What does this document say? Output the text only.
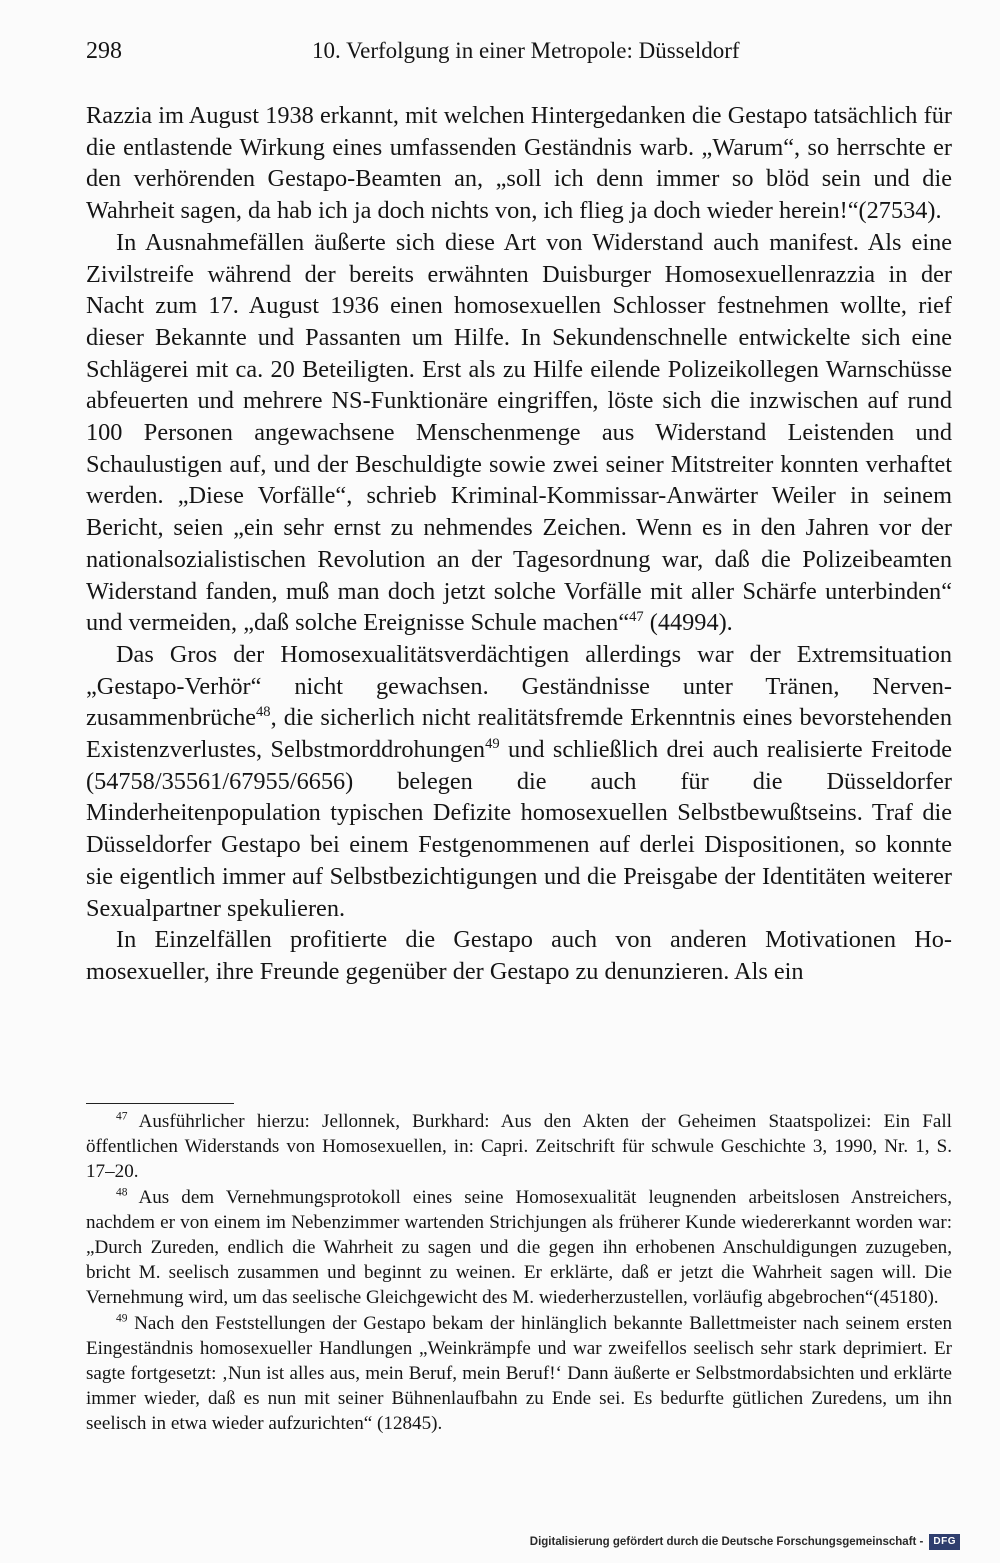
298	10. Verfolgung in einer Metropole: Düsseldorf

Razzia im August 1938 erkannt, mit welchen Hintergedanken die Gestapo tatsächlich für die entlastende Wirkung eines umfassenden Geständnis warb. „Warum“, so herrschte er den verhörenden Gestapo-Beamten an, „soll ich denn immer so blöd sein und die Wahrheit sagen, da hab ich ja doch nichts von, ich flieg ja doch wieder herein!“(27534).

In Ausnahmefällen äußerte sich diese Art von Widerstand auch manifest. Als eine Zivilstreife während der bereits erwähnten Duisburger Homosexuellenrazzia in der Nacht zum 17. August 1936 einen homosexuellen Schlosser festnehmen wollte, rief dieser Bekannte und Passanten um Hilfe. In Sekundenschnelle entwickelte sich eine Schlägerei mit ca. 20 Beteiligten. Erst als zu Hilfe eilende Polizeikollegen Warnschüsse abfeuerten und mehrere NS-Funktionäre eingriffen, löste sich die inzwischen auf rund 100 Personen angewachsene Menschenmenge aus Widerstand Leistenden und Schaulustigen auf, und der Beschuldigte sowie zwei seiner Mitstreiter konnten verhaftet werden. „Diese Vorfälle“, schrieb Kriminal-Kommissar-Anwärter Weiler in seinem Bericht, seien „ein sehr ernst zu nehmendes Zeichen. Wenn es in den Jahren vor der nationalsozialistischen Revolution an der Tagesordnung war, daß die Polizeibeamten Widerstand fanden, muß man doch jetzt solche Vorfälle mit aller Schärfe unterbinden“ und vermeiden, „daß solche Ereignisse Schule machen“$^{47}$ (44994).

Das Gros der Homosexualitätsverdächtigen allerdings war der Extremsituation „Gestapo-Verhör“ nicht gewachsen. Geständnisse unter Tränen, Nervenzusammenbrüche$^{48}$, die sicherlich nicht realitätsfremde Erkenntnis eines bevorstehenden Existenzverlustes, Selbstmorddrohungen$^{49}$ und schließlich drei auch realisierte Freitode (54758/35561/67955/6656) belegen die auch für die Düsseldorfer Minderheitenpopulation typischen Defizite homosexuellen Selbstbewußtseins. Traf die Düsseldorfer Gestapo bei einem Festgenommenen auf derlei Dispositionen, so konnte sie eigentlich immer auf Selbstbezichtigungen und die Preisgabe der Identitäten weiterer Sexualpartner spekulieren.

In Einzelfällen profitierte die Gestapo auch von anderen Motivationen Homosexueller, ihre Freunde gegenüber der Gestapo zu denunzieren. Als ein

$^{47}$ Ausführlicher hierzu: Jellonnek, Burkhard: Aus den Akten der Geheimen Staatspolizei: Ein Fall öffentlichen Widerstands von Homosexuellen, in: Capri. Zeitschrift für schwule Geschichte 3, 1990, Nr. 1, S. 17–20.

$^{48}$ Aus dem Vernehmungsprotokoll eines seine Homosexualität leugnenden arbeitslosen Anstreichers, nachdem er von einem im Nebenzimmer wartenden Strichjungen als früherer Kunde wiedererkannt worden war: „Durch Zureden, endlich die Wahrheit zu sagen und die gegen ihn erhobenen Anschuldigungen zuzugeben, bricht M. seelisch zusammen und beginnt zu weinen. Er erklärte, daß er jetzt die Wahrheit sagen will. Die Vernehmung wird, um das seelische Gleichgewicht des M. wiederherzustellen, vorläufig abgebrochen“(45180).

$^{49}$ Nach den Feststellungen der Gestapo bekam der hinlänglich bekannte Ballettmeister nach seinem ersten Eingeständnis homosexueller Handlungen „Weinkrämpfe und war zweifellos seelisch sehr stark deprimiert. Er sagte fortgesetzt: ‚Nun ist alles aus, mein Beruf, mein Beruf!‘ Dann äußerte er Selbstmordabsichten und erklärte immer wieder, daß es nun mit seiner Bühnenlaufbahn zu Ende sei. Es bedurfte gütlichen Zuredens, um ihn seelisch in etwa wieder aufzurichten“ (12845).

Digitalisierung gefördert durch die Deutsche Forschungsgemeinschaft -	DFG
